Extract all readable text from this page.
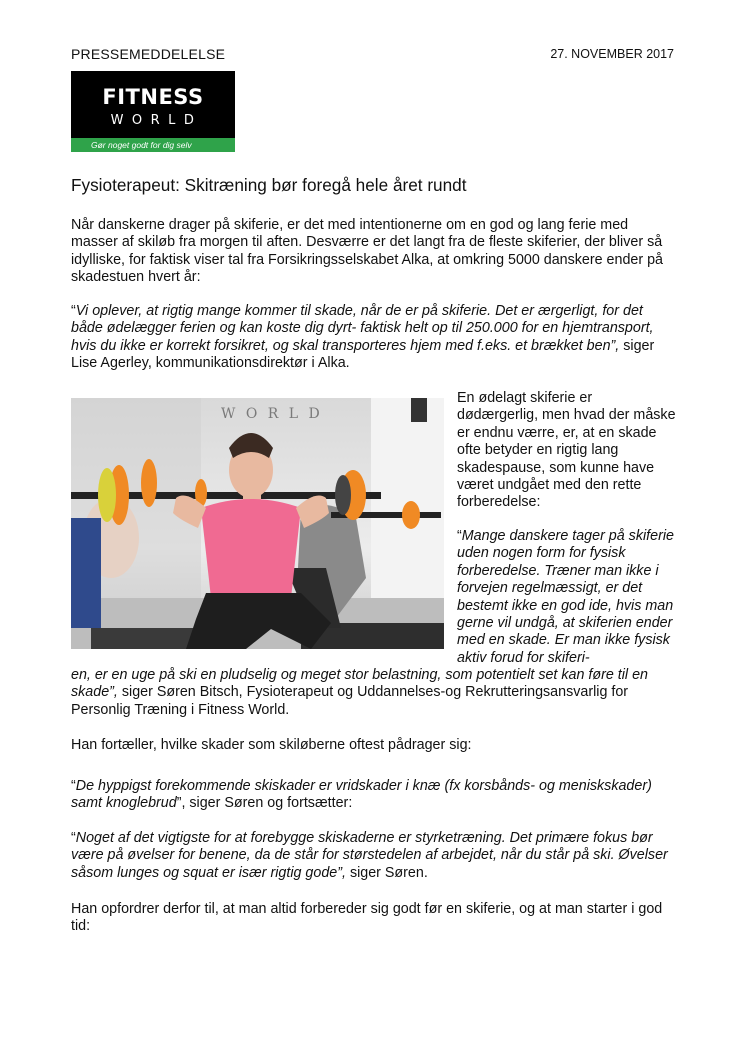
PRESSEMEDDELELSE	27. NOVEMBER 2017
FITNESS
WORLD
Gør noget godt for dig selv
Fysioterapeut: Skitræning bør foregå hele året rundt

Når danskerne drager på skiferie, er det med intentionerne om en god og lang ferie med masser af skiløb fra morgen til aften. Desværre er det langt fra de fleste skiferier, der bliver så idylliske, for faktisk viser tal fra Forsikringsselskabet Alka, at omkring 5000 danskere ender på skadestuen hvert år:

“Vi oplever, at rigtig mange kommer til skade, når de er på skiferie. Det er ærgerligt, for det både ødelægger ferien og kan koste dig dyrt- faktisk helt op til 250.000 for en hjemtransport, hvis du ikke er korrekt forsikret, og skal transporteres hjem med f.eks. et brækket ben”, siger Lise Agerley, kommunikationsdirektør i Alka.

W O R L D

En ødelagt skiferie er dødærgerlig, men hvad der måske er endnu værre, er, at en skade ofte betyder en rigtig lang skadespause, som kunne have været undgået med den rette forberedelse:

“Mange danskere tager på skiferie uden nogen form for fysisk forberedelse. Træner man ikke i forvejen regelmæssigt, er det bestemt ikke en god ide, hvis man gerne vil undgå, at skiferien ender med en skade. Er man ikke fysisk aktiv forud for skiferi-

en, er en uge på ski en pludselig og meget stor belastning, som potentielt set kan føre til en skade”, siger Søren Bitsch, Fysioterapeut og Uddannelses-og Rekrutteringsansvarlig for Personlig Træning i Fitness World.

Han fortæller, hvilke skader som skiløberne oftest pådrager sig:

“De hyppigst forekommende skiskader er vridskader i knæ (fx korsbånds- og meniskskader) samt knoglebrud”, siger Søren og fortsætter:

“Noget af det vigtigste for at forebygge skiskaderne er styrketræning. Det primære fokus bør være på øvelser for benene, da de står for størstedelen af arbejdet, når du står på ski. Øvelser såsom lunges og squat er især rigtig gode”, siger Søren.

Han opfordrer derfor til, at man altid forbereder sig godt før en skiferie, og at man starter i god tid:
